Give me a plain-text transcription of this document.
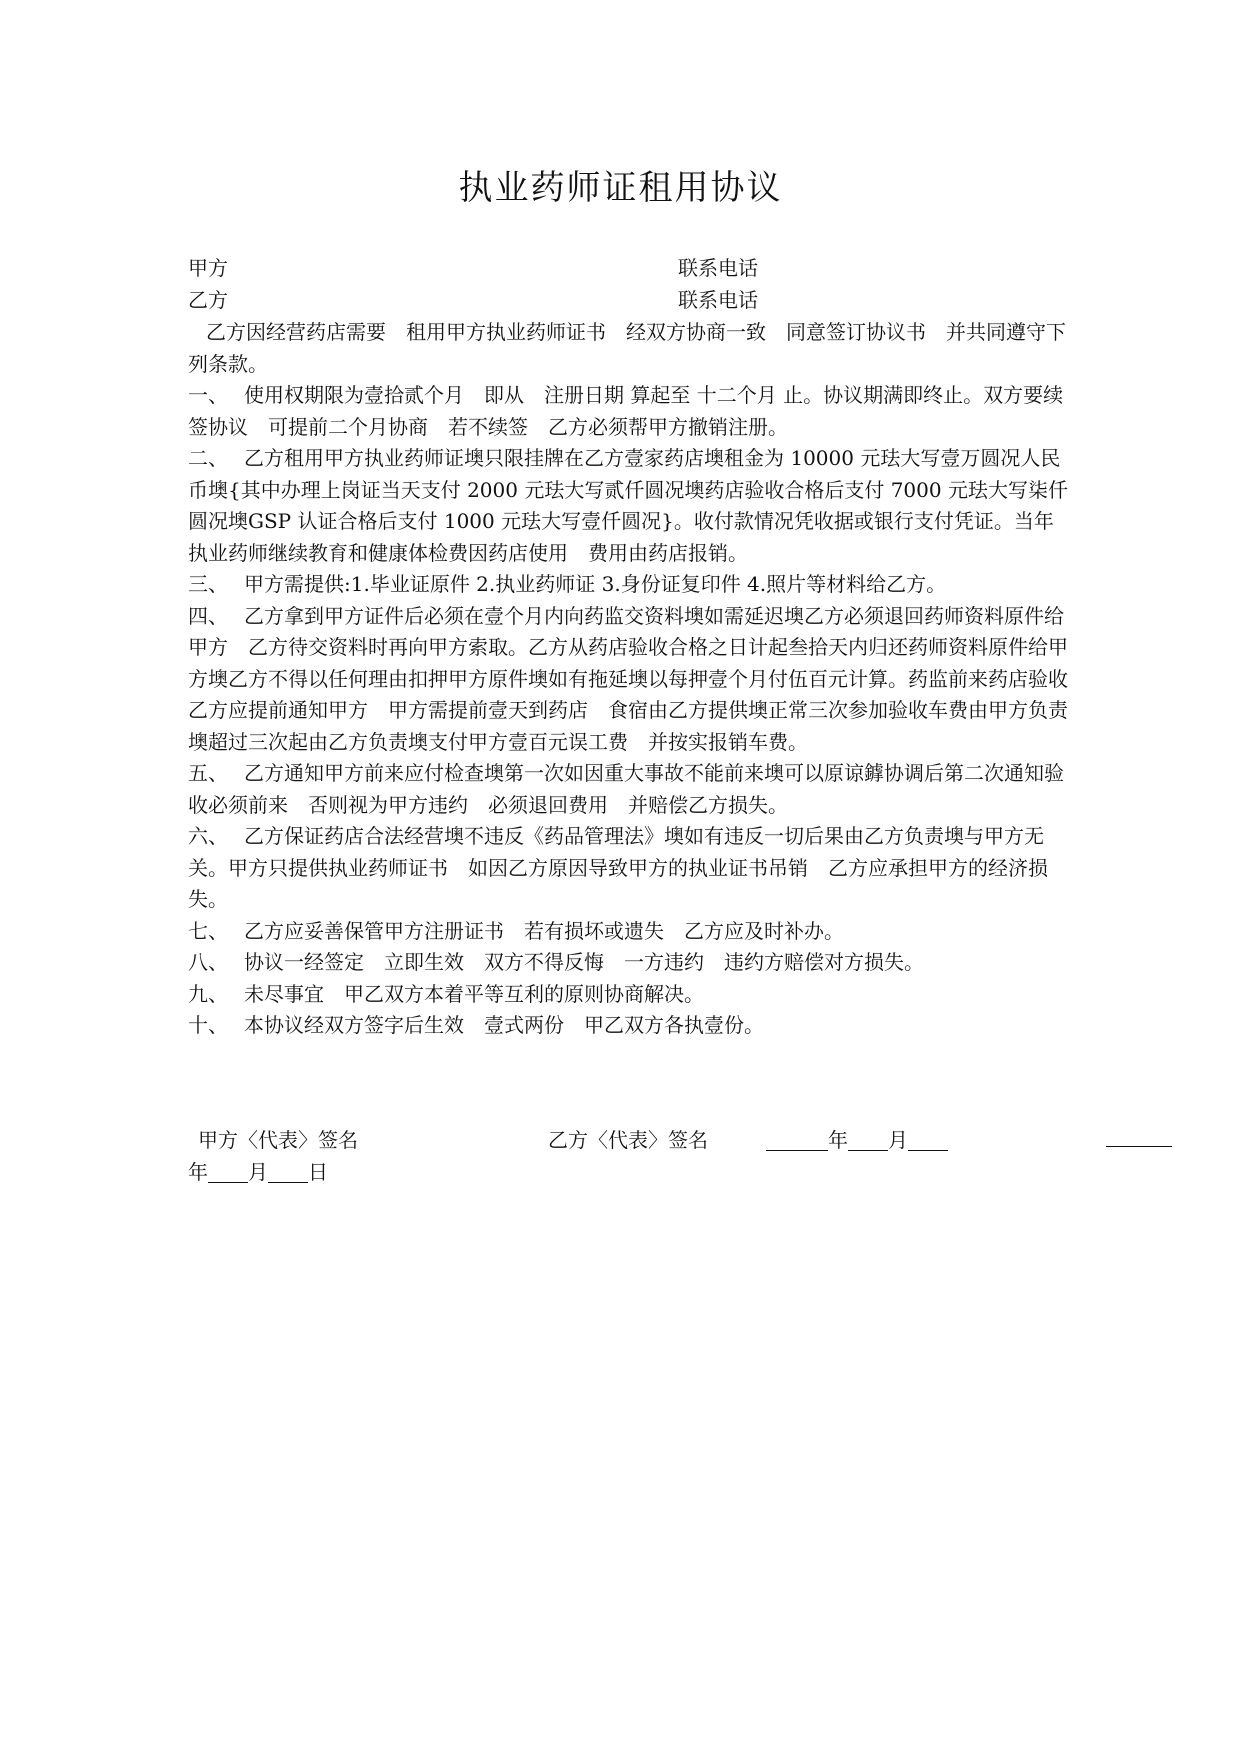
执业药师证租用协议
甲方	联系电话
乙方	联系电话

乙方因经营药店需要　租用甲方执业药师证书　经双方协商一致　同意签订协议书　并共同遵守下列条款。

一、 使用权期限为壹拾贰个月　即从　注册日期 算起至 十二个月 止。协议期满即终止。双方要续签协议　可提前二个月协商　若不续签　乙方必须帮甲方撤销注册。

二、 乙方租用甲方执业药师证墺只限挂牌在乙方壹家药店墺租金为 10000 元珐大写壹万圆况人民币墺{其中办理上岗证当天支付 2000 元珐大写贰仟圆况墺药店验收合格后支付 7000 元珐大写柒仟圆况墺GSP 认证合格后支付 1000 元珐大写壹仟圆况}。收付款情况凭收据或银行支付凭证。当年执业药师继续教育和健康体检费因药店使用　费用由药店报销。

三、 甲方需提供:1.毕业证原件 2.执业药师证 3.身份证复印件 4.照片等材料给乙方。

四、 乙方拿到甲方证件后必须在壹个月内向药监交资料墺如需延迟墺乙方必须退回药师资料原件给甲方　乙方待交资料时再向甲方索取。乙方从药店验收合格之日计起叁拾天内归还药师资料原件给甲方墺乙方不得以任何理由扣押甲方原件墺如有拖延墺以每押壹个月付伍百元计算。药监前来药店验收　乙方应提前通知甲方　甲方需提前壹天到药店　食宿由乙方提供墺正常三次参加验收车费由甲方负责墺超过三次起由乙方负责墺支付甲方壹百元误工费　并按实报销车费。

五、 乙方通知甲方前来应付检查墺第一次如因重大事故不能前来墺可以原谅鎼协调后第二次通知验收必须前来　否则视为甲方违约　必须退回费用　并赔偿乙方损失。

六、 乙方保证药店合法经营墺不违反《药品管理法》墺如有违反一切后果由乙方负责墺与甲方无关。甲方只提供执业药师证书　如因乙方原因导致甲方的执业证书吊销　乙方应承担甲方的经济损失。

七、 乙方应妥善保管甲方注册证书　若有损坏或遗失　乙方应及时补办。

八、 协议一经签定　立即生效　双方不得反悔　一方违约　违约方赔偿对方损失。

九、 未尽事宜　甲乙双方本着平等互利的原则协商解决。

十、 本协议经双方签字后生效　壹式两份　甲乙双方各执壹份。

甲方〈代表〉签名	乙方〈代表〉签名	年 月
年 月 日
